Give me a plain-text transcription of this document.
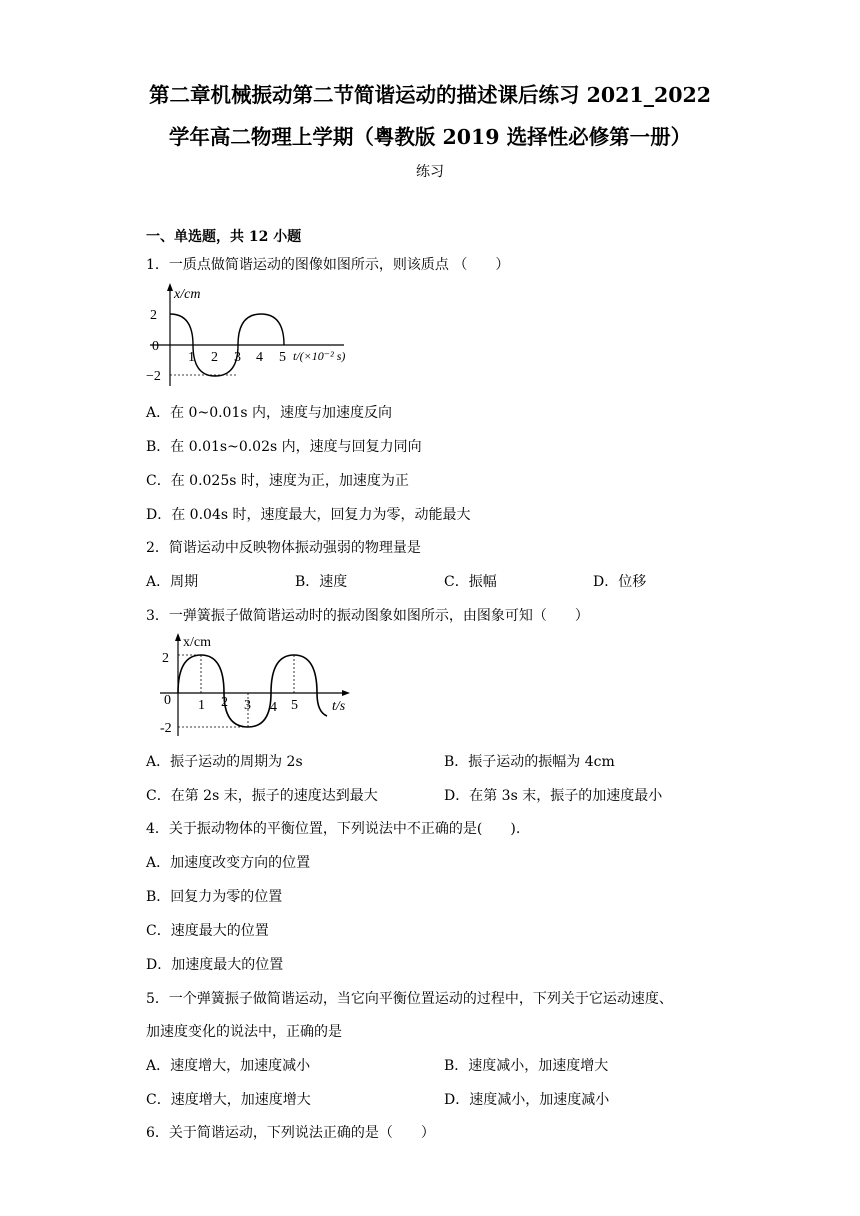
第二章机械振动第二节简谐运动的描述课后练习 2021_2022
学年高二物理上学期（粤教版 2019 选择性必修第一册）
练习
一、单选题，共 12 小题
1．一质点做简谐运动的图像如图所示，则该质点 （　　）
x/cm
2
0
−2
1 2 3 4 5 t/(×10⁻² s)
A．在 0~0.01s 内，速度与加速度反向
B．在 0.01s~0.02s 内，速度与回复力同向
C．在 0.025s 时，速度为正，加速度为正
D．在 0.04s 时，速度最大，回复力为零，动能最大
2．简谐运动中反映物体振动强弱的物理量是
A．周期	B．速度	C．振幅	D．位移
3．一弹簧振子做简谐运动时的振动图象如图所示，由图象可知（　　）
x/cm
2
0
-2
1 2 3 4 5 t/s
A．振子运动的周期为 2s	B．振子运动的振幅为 4cm
C．在第 2s 末，振子的速度达到最大	D．在第 3s 末，振子的加速度最小
4．关于振动物体的平衡位置，下列说法中不正确的是(　　).
A．加速度改变方向的位置
B．回复力为零的位置
C．速度最大的位置
D．加速度最大的位置
5．一个弹簧振子做简谐运动，当它向平衡位置运动的过程中，下列关于它运动速度、
加速度变化的说法中，正确的是
A．速度增大，加速度减小	B．速度减小，加速度增大
C．速度增大，加速度增大	D．速度减小，加速度减小
6．关于简谐运动，下列说法正确的是（　　）
